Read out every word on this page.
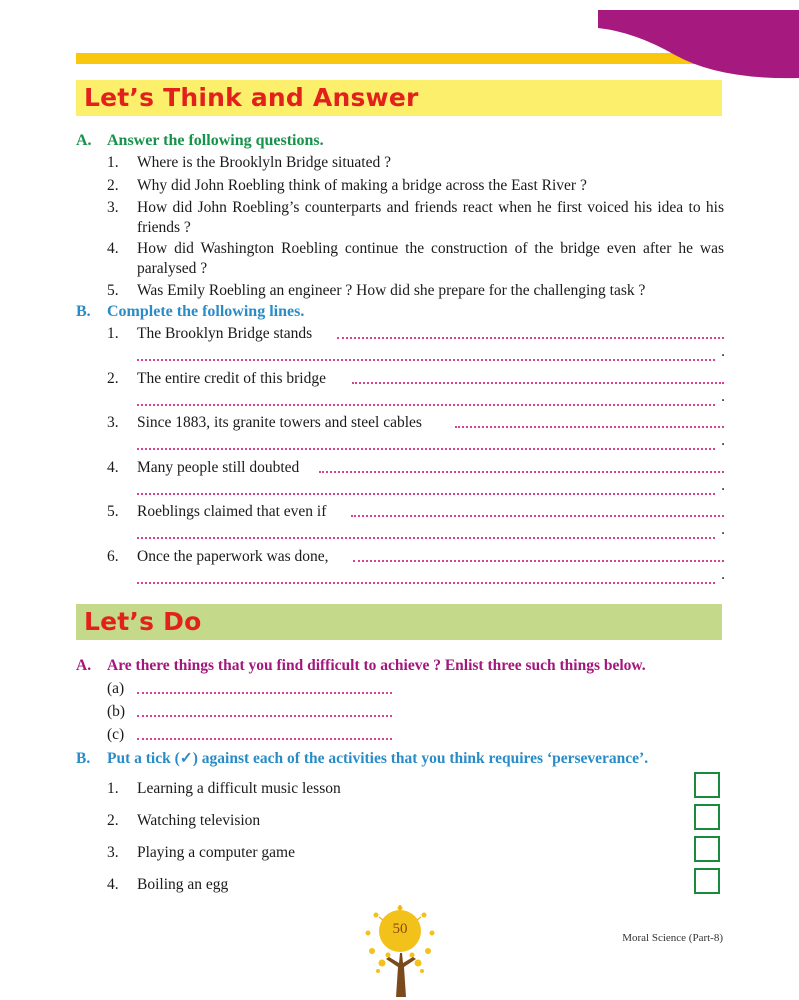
Let’s Think and Answer
A. Answer the following questions.
1. Where is the Brooklyln Bridge situated ?
2. Why did John Roebling think of making a bridge across the East River ?
3. How did John Roebling’s counterparts and friends react when he first voiced his idea to his friends ?
4. How did Washington Roebling continue the construction of the bridge even after he was paralysed ?
5. Was Emily Roebling an engineer ? How did she prepare for the challenging task ?
B. Complete the following lines.
1. The Brooklyn Bridge stands
.
2. The entire credit of this bridge
.
3. Since 1883, its granite towers and steel cables
.
4. Many people still doubted
.
5. Roeblings claimed that even if
.
6. Once the paperwork was done,
.
Let’s Do
A. Are there things that you find difficult to achieve ? Enlist three such things below.
(a)
(b)
(c)
B. Put a tick (✓) against each of the activities that you think requires ‘perseverance’.
1. Learning a difficult music lesson
2. Watching television
3. Playing a computer game
4. Boiling an egg
50
Moral Science (Part-8)
